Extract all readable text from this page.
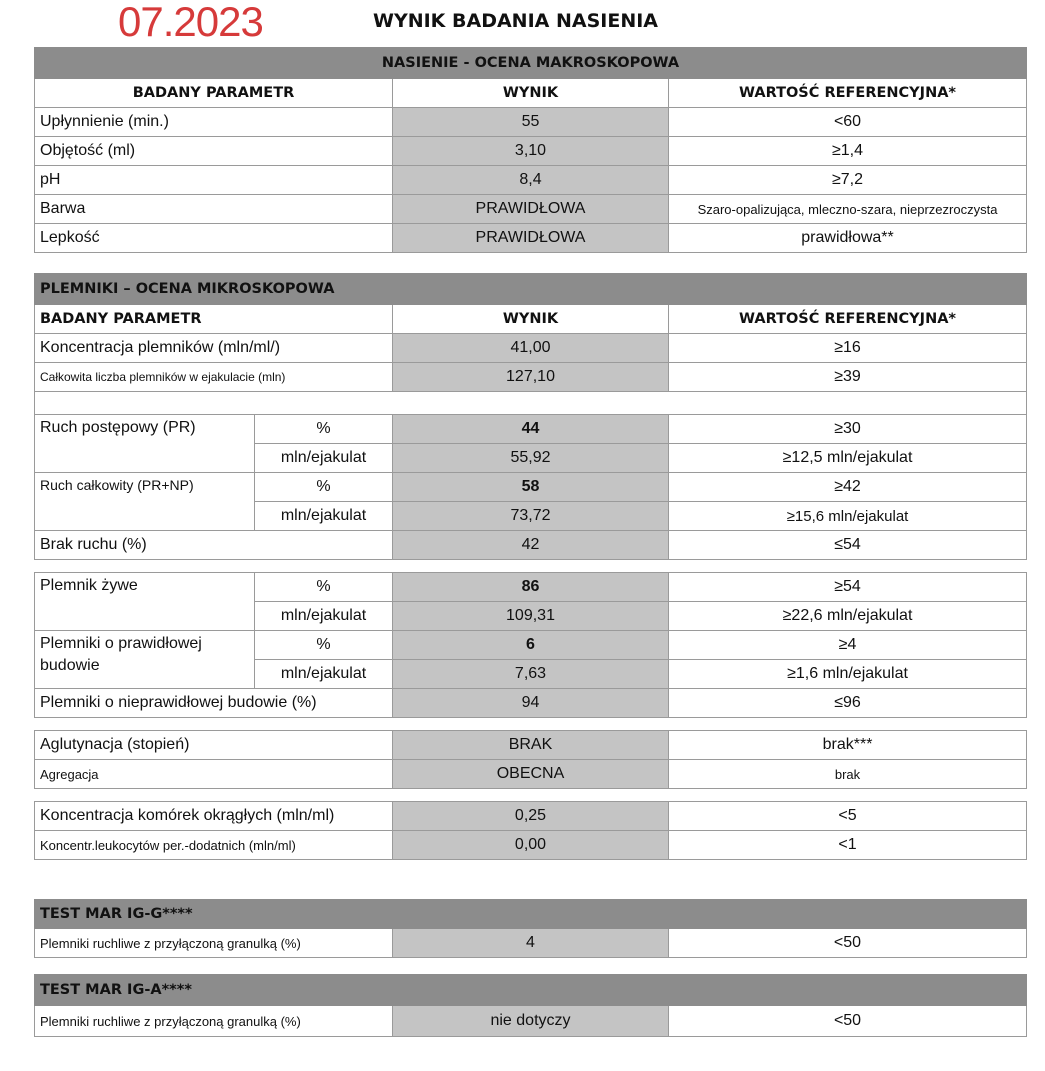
07.2023	WYNIK BADANIA NASIENIA
NASIENIE - OCENA MAKROSKOPOWA		
BADANY PARAMETR	WYNIK	WARTOŚĆ REFERENCYJNA*
Upłynnienie (min.)	55	<60
Objętość (ml)	3,10	≥1,4
pH	8,4	≥7,2
Barwa	PRAWIDŁOWA	Szaro-opalizująca, mleczno-szara, nieprzezroczysta
Lepkość	PRAWIDŁOWA	prawidłowa**
PLEMNIKI – OCENA MIKROSKOPOWA			
BADANY PARAMETR		WYNIK	WARTOŚĆ REFERENCYJNA*
Koncentracja plemników (mln/ml/)		41,00	≥16
Całkowita liczba plemników w ejakulacie (mln)		127,10	≥39

Ruch postępowy (PR)	%	44	≥30
	mln/ejakulat	55,92	≥12,5 mln/ejakulat
Ruch całkowity (PR+NP)	%	58	≥42
	mln/ejakulat	73,72	≥15,6 mln/ejakulat
Brak ruchu (%)		42	≤54

Plemnik żywe	%	86	≥54
	mln/ejakulat	109,31	≥22,6 mln/ejakulat
Plemniki o prawidłowej budowie	%	6	≥4
	mln/ejakulat	7,63	≥1,6 mln/ejakulat
Plemniki o nieprawidłowej budowie (%)		94	≤96

Aglutynacja (stopień)		BRAK	brak***
Agregacja		OBECNA	brak

Koncentracja komórek okrągłych (mln/ml)		0,25	<5
Koncentr.leukocytów per.-dodatnich (mln/ml)		0,00	<1
TEST MAR IG-G****
Plemniki ruchliwe z przyłączoną granulką (%)	4	<50
TEST MAR IG-A****
Plemniki ruchliwe z przyłączoną granulką (%)	nie dotyczy	<50
